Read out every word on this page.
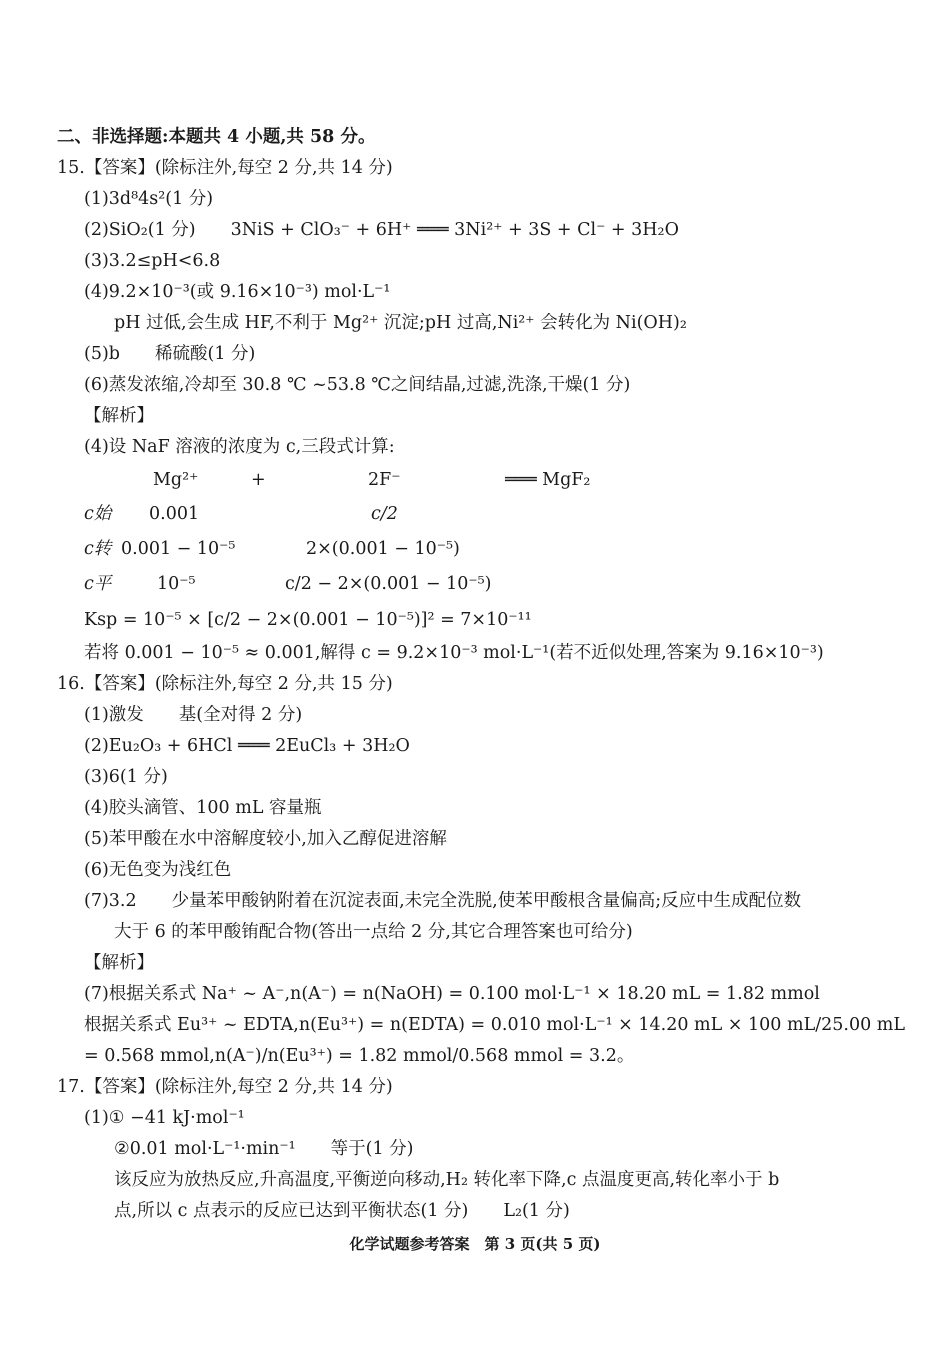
二、非选择题:本题共 4 小题,共 58 分。
15.【答案】(除标注外,每空 2 分,共 14 分)
(1)3d⁸4s²(1 分)
(2)SiO₂(1 分)　　3NiS + ClO₃⁻ + 6H⁺ ═══ 3Ni²⁺ + 3S + Cl⁻ + 3H₂O
(3)3.2≤pH<6.8
(4)9.2×10⁻³(或 9.16×10⁻³) mol·L⁻¹
pH 过低,会生成 HF,不利于 Mg²⁺ 沉淀;pH 过高,Ni²⁺ 会转化为 Ni(OH)₂
(5)b　　稀硫酸(1 分)
(6)蒸发浓缩,冷却至 30.8 ℃ ~53.8 ℃之间结晶,过滤,洗涤,干燥(1 分)
【解析】
(4)设 NaF 溶液的浓度为 c,三段式计算:
Mg²⁺	+	2F⁻	═══ MgF₂
c始 0.001	c/2
c转 0.001 − 10⁻⁵	2×(0.001 − 10⁻⁵)
c平	10⁻⁵	c/2 − 2×(0.001 − 10⁻⁵)
Ksp = 10⁻⁵ × [c/2 − 2×(0.001 − 10⁻⁵)]² = 7×10⁻¹¹
若将 0.001 − 10⁻⁵ ≈ 0.001,解得 c = 9.2×10⁻³ mol·L⁻¹(若不近似处理,答案为 9.16×10⁻³)
16.【答案】(除标注外,每空 2 分,共 15 分)
(1)激发　　基(全对得 2 分)
(2)Eu₂O₃ + 6HCl ═══ 2EuCl₃ + 3H₂O
(3)6(1 分)
(4)胶头滴管、100 mL 容量瓶
(5)苯甲酸在水中溶解度较小,加入乙醇促进溶解
(6)无色变为浅红色
(7)3.2　　少量苯甲酸钠附着在沉淀表面,未完全洗脱,使苯甲酸根含量偏高;反应中生成配位数
大于 6 的苯甲酸铕配合物(答出一点给 2 分,其它合理答案也可给分)
【解析】
(7)根据关系式 Na⁺ ~ A⁻,n(A⁻) = n(NaOH) = 0.100 mol·L⁻¹ × 18.20 mL = 1.82 mmol
根据关系式 Eu³⁺ ~ EDTA,n(Eu³⁺) = n(EDTA) = 0.010 mol·L⁻¹ × 14.20 mL × 100 mL/25.00 mL
= 0.568 mmol,n(A⁻)/n(Eu³⁺) = 1.82 mmol/0.568 mmol = 3.2。
17.【答案】(除标注外,每空 2 分,共 14 分)
(1)① −41 kJ·mol⁻¹
②0.01 mol·L⁻¹·min⁻¹　　等于(1 分)
该反应为放热反应,升高温度,平衡逆向移动,H₂ 转化率下降,c 点温度更高,转化率小于 b
点,所以 c 点表示的反应已达到平衡状态(1 分)　　L₂(1 分)
化学试题参考答案　第 3 页(共 5 页)
